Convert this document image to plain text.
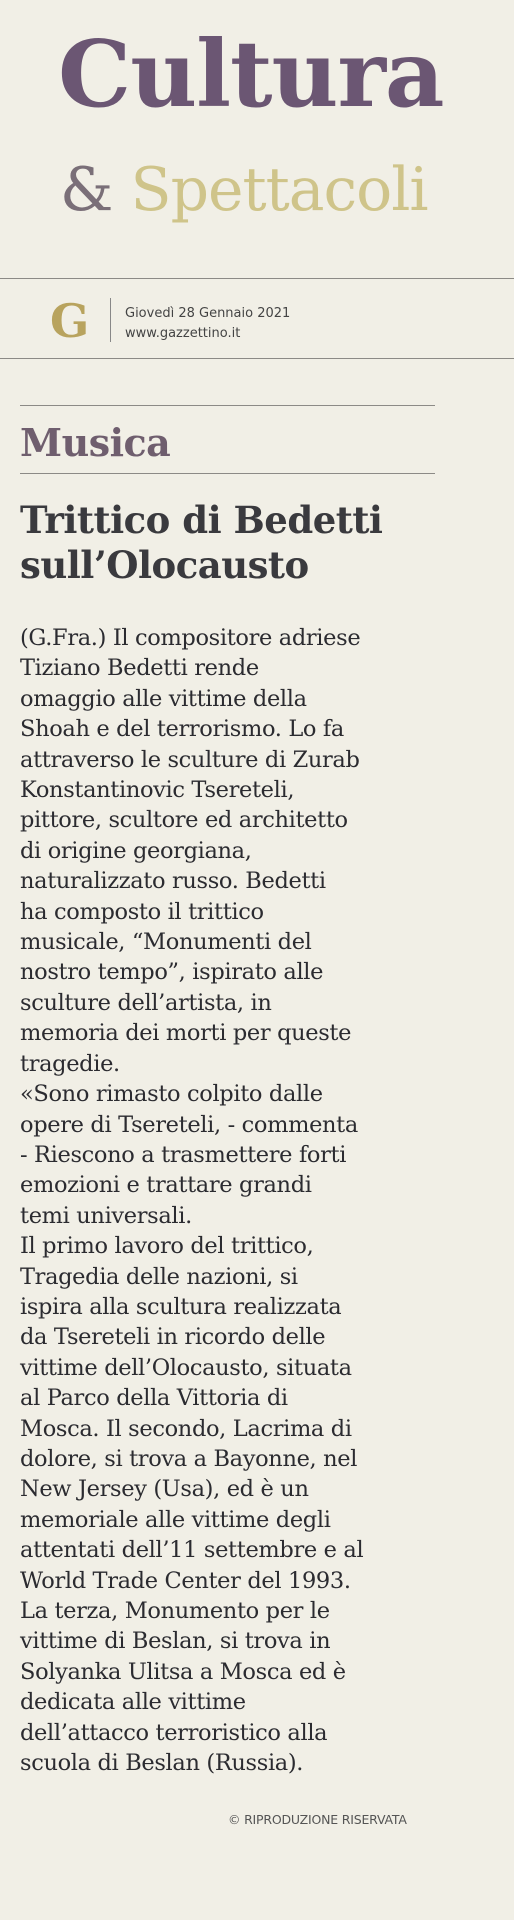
Cultura
& Spettacoli
G	Giovedì 28 Gennaio 2021
www.gazzettino.it
Musica
Trittico di Bedetti
sull’Olocausto
(G.Fra.) Il compositore adriese
Tiziano Bedetti rende
omaggio alle vittime della
Shoah e del terrorismo. Lo fa
attraverso le sculture di Zurab
Konstantinovic Tsereteli,
pittore, scultore ed architetto
di origine georgiana,
naturalizzato russo. Bedetti
ha composto il trittico
musicale, “Monumenti del
nostro tempo”, ispirato alle
sculture dell’artista, in
memoria dei morti per queste
tragedie.
«Sono rimasto colpito dalle
opere di Tsereteli, - commenta
- Riescono a trasmettere forti
emozioni e trattare grandi
temi universali.
Il primo lavoro del trittico,
Tragedia delle nazioni, si
ispira alla scultura realizzata
da Tsereteli in ricordo delle
vittime dell’Olocausto, situata
al Parco della Vittoria di
Mosca. Il secondo, Lacrima di
dolore, si trova a Bayonne, nel
New Jersey (Usa), ed è un
memoriale alle vittime degli
attentati dell’11 settembre e al
World Trade Center del 1993.
La terza, Monumento per le
vittime di Beslan, si trova in
Solyanka Ulitsa a Mosca ed è
dedicata alle vittime
dell’attacco terroristico alla
scuola di Beslan (Russia).
© RIPRODUZIONE RISERVATA
